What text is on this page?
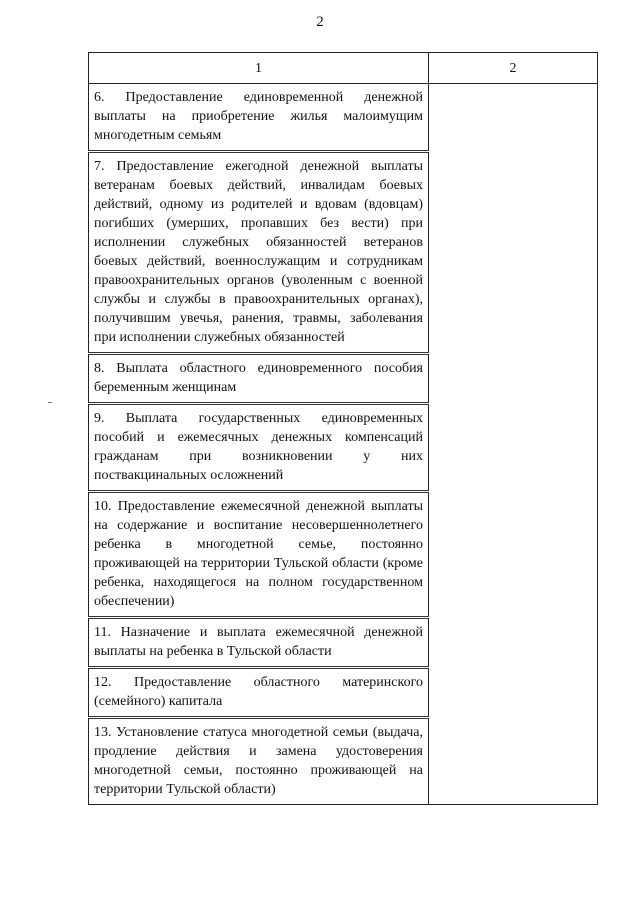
2
1	2
6. Предоставление единовременной денежной выплаты на приобретение жилья малоимущим многодетным семьям	
7. Предоставление ежегодной денежной выплаты ветеранам боевых действий, инвалидам боевых действий, одному из родителей и вдовам (вдовцам) погибших (умерших, пропавших без вести) при исполнении служебных обязанностей ветеранов боевых действий, военнослужащим и сотрудникам правоохранительных органов (уволенным с военной службы и службы в правоохранительных органах), получившим увечья, ранения, травмы, заболевания при исполнении служебных обязанностей	
8. Выплата областного единовременного пособия беременным женщинам	
9. Выплата государственных единовременных пособий и ежемесячных денежных компенсаций гражданам при возникновении у них поствакцинальных осложнений	
10. Предоставление ежемесячной денежной выплаты на содержание и воспитание несовершеннолетнего ребенка в многодетной семье, постоянно проживающей на территории Тульской области (кроме ребенка, находящегося на полном государственном обеспечении)	
11. Назначение и выплата ежемесячной денежной выплаты на ребенка в Тульской области	
12. Предоставление областного материнского (семейного) капитала	
13. Установление статуса многодетной семьи (выдача, продление действия и замена удостоверения многодетной семьи, постоянно проживающей на территории Тульской области)	
